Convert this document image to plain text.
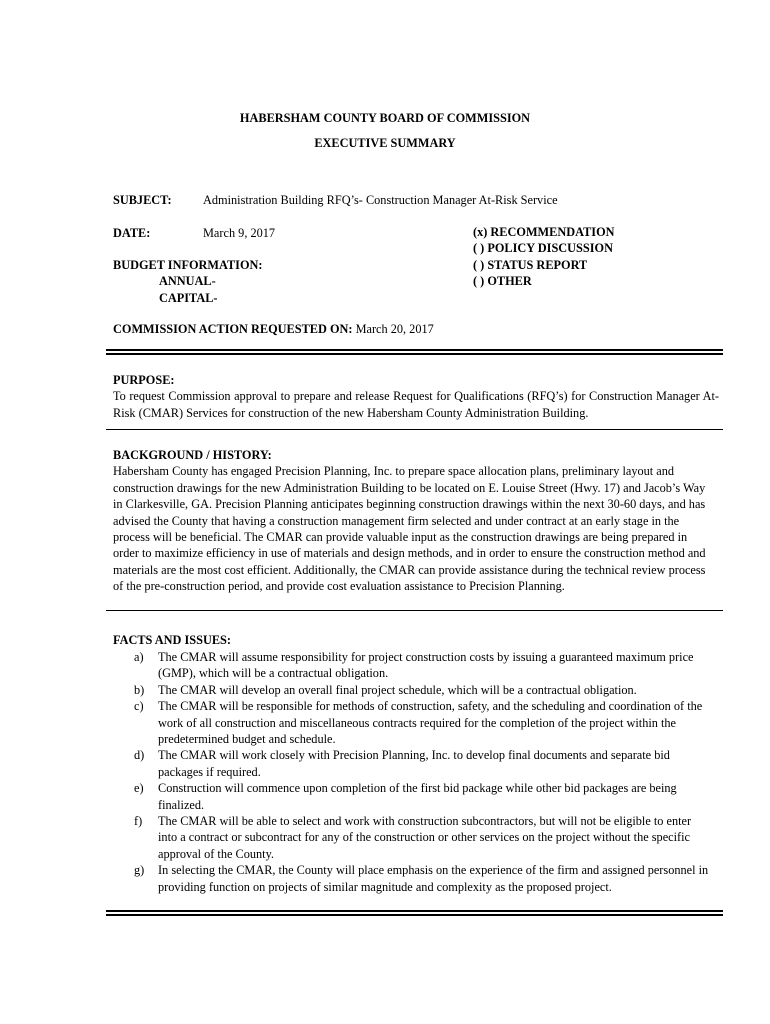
HABERSHAM COUNTY BOARD OF COMMISSION
EXECUTIVE SUMMARY
SUBJECT:	Administration Building RFQ’s- Construction Manager At-Risk Service
DATE:	March 9, 2017	(x) RECOMMENDATION
( ) POLICY DISCUSSION
( ) STATUS REPORT
( ) OTHER
BUDGET INFORMATION:
ANNUAL-
CAPITAL-
COMMISSION ACTION REQUESTED ON: March 20, 2017

PURPOSE:

To request Commission approval to prepare and release Request for Qualifications (RFQ’s) for Construction Manager At-Risk (CMAR) Services for construction of the new Habersham County Administration Building.

BACKGROUND / HISTORY:

Habersham County has engaged Precision Planning, Inc. to prepare space allocation plans, preliminary layout and construction drawings for the new Administration Building to be located on E. Louise Street (Hwy. 17) and Jacob’s Way in Clarkesville, GA. Precision Planning anticipates beginning construction drawings within the next 30-60 days, and has advised the County that having a construction management firm selected and under contract at an early stage in the process will be beneficial. The CMAR can provide valuable input as the construction drawings are being prepared in order to maximize efficiency in use of materials and design methods, and in order to ensure the construction method and materials are the most cost efficient. Additionally, the CMAR can provide assistance during the technical review process of the pre-construction period, and provide cost evaluation assistance to Precision Planning.

FACTS AND ISSUES:
a) The CMAR will assume responsibility for project construction costs by issuing a guaranteed maximum price (GMP), which will be a contractual obligation.
b) The CMAR will develop an overall final project schedule, which will be a contractual obligation.
c) The CMAR will be responsible for methods of construction, safety, and the scheduling and coordination of the work of all construction and miscellaneous contracts required for the completion of the project within the predetermined budget and schedule.
d) The CMAR will work closely with Precision Planning, Inc. to develop final documents and separate bid packages if required.
e) Construction will commence upon completion of the first bid package while other bid packages are being finalized.
f) The CMAR will be able to select and work with construction subcontractors, but will not be eligible to enter into a contract or subcontract for any of the construction or other services on the project without the specific approval of the County.
g) In selecting the CMAR, the County will place emphasis on the experience of the firm and assigned personnel in providing function on projects of similar magnitude and complexity as the proposed project.
